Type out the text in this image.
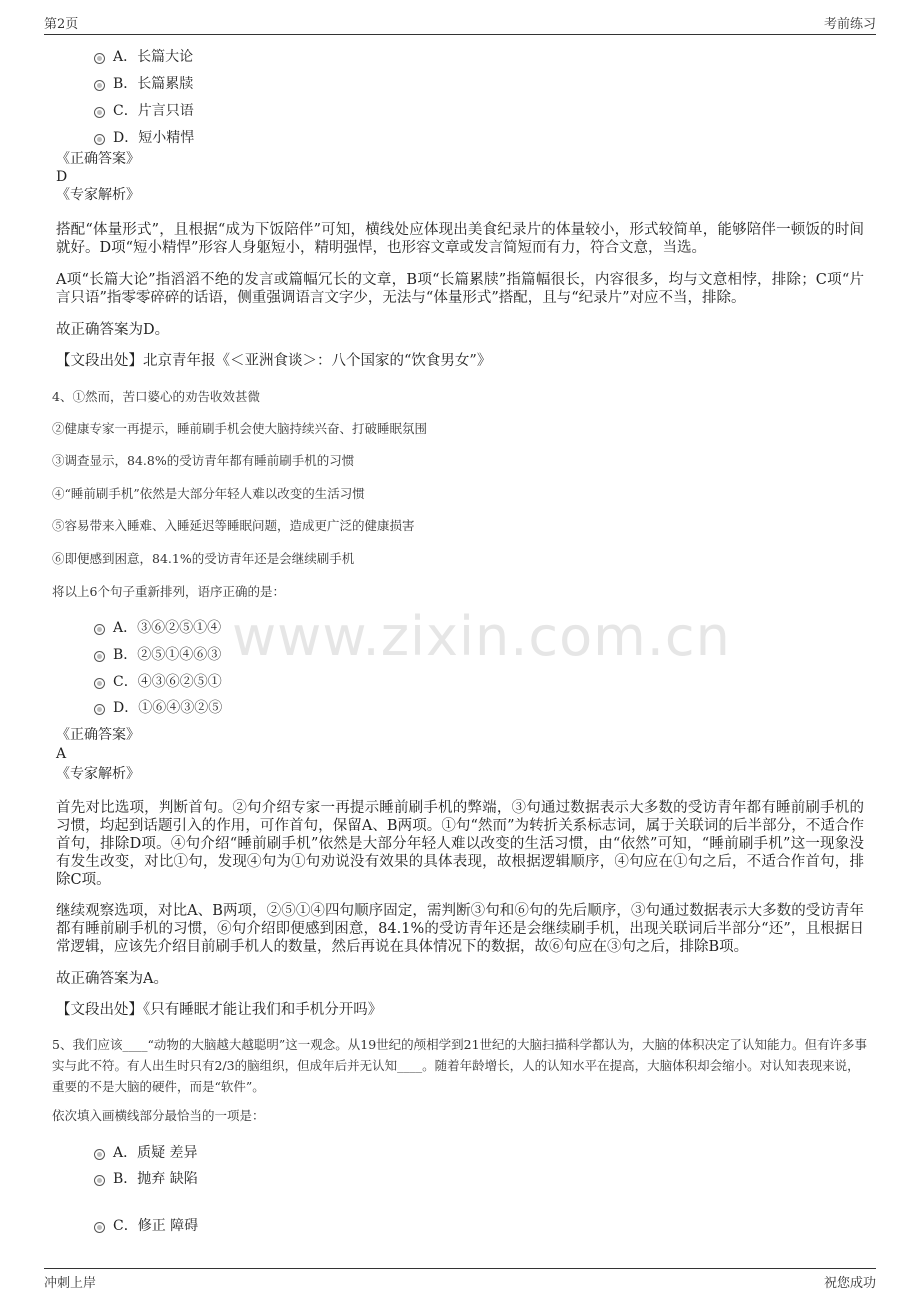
第2页	考前练习
www.zixin.com.cn
A．长篇大论
B．长篇累牍
C．片言只语
D．短小精悍
《正确答案》
D
《专家解析》
搭配“体量形式”，且根据“成为下饭陪伴”可知，横线处应体现出美食纪录片的体量较小，形式较简单，能够陪伴一顿饭的时间就好。D项“短小精悍”形容人身躯短小，精明强悍，也形容文章或发言简短而有力，符合文意，当选。
A项“长篇大论”指滔滔不绝的发言或篇幅冗长的文章，B项“长篇累牍”指篇幅很长，内容很多，均与文意相悖，排除；C项“片言只语”指零零碎碎的话语，侧重强调语言文字少，无法与“体量形式”搭配，且与“纪录片”对应不当，排除。
故正确答案为D。
【文段出处】北京青年报《＜亚洲食谈＞：八个国家的“饮食男女”》
4、①然而，苦口婆心的劝告收效甚微
②健康专家一再提示，睡前刷手机会使大脑持续兴奋、打破睡眠氛围
③调查显示，84.8%的受访青年都有睡前刷手机的习惯
④“睡前刷手机”依然是大部分年轻人难以改变的生活习惯
⑤容易带来入睡难、入睡延迟等睡眠问题，造成更广泛的健康损害
⑥即便感到困意，84.1%的受访青年还是会继续刷手机
将以上6个句子重新排列，语序正确的是：
A．③⑥②⑤①④
B．②⑤①④⑥③
C．④③⑥②⑤①
D．①⑥④③②⑤
《正确答案》
A
《专家解析》
首先对比选项，判断首句。②句介绍专家一再提示睡前刷手机的弊端，③句通过数据表示大多数的受访青年都有睡前刷手机的习惯，均起到话题引入的作用，可作首句，保留A、B两项。①句“然而”为转折关系标志词，属于关联词的后半部分，不适合作首句，排除D项。④句介绍“睡前刷手机”依然是大部分年轻人难以改变的生活习惯，由“依然”可知，“睡前刷手机”这一现象没有发生改变，对比①句，发现④句为①句劝说没有效果的具体表现，故根据逻辑顺序，④句应在①句之后，不适合作首句，排除C项。
继续观察选项，对比A、B两项，②⑤①④四句顺序固定，需判断③句和⑥句的先后顺序，③句通过数据表示大多数的受访青年都有睡前刷手机的习惯，⑥句介绍即便感到困意，84.1%的受访青年还是会继续刷手机，出现关联词后半部分“还”，且根据日常逻辑，应该先介绍目前刷手机人的数量，然后再说在具体情况下的数据，故⑥句应在③句之后，排除B项。
故正确答案为A。
【文段出处】《只有睡眠才能让我们和手机分开吗》
5、我们应该____“动物的大脑越大越聪明”这一观念。从19世纪的颅相学到21世纪的大脑扫描科学都认为，大脑的体积决定了认知能力。但有许多事实与此不符。有人出生时只有2/3的脑组织，但成年后并无认知____。随着年龄增长，人的认知水平在提高，大脑体积却会缩小。对认知表现来说，重要的不是大脑的硬件，而是“软件”。
依次填入画横线部分最恰当的一项是：
A．质疑 差异
B．抛弃 缺陷
C．修正 障碍
冲刺上岸	祝您成功
